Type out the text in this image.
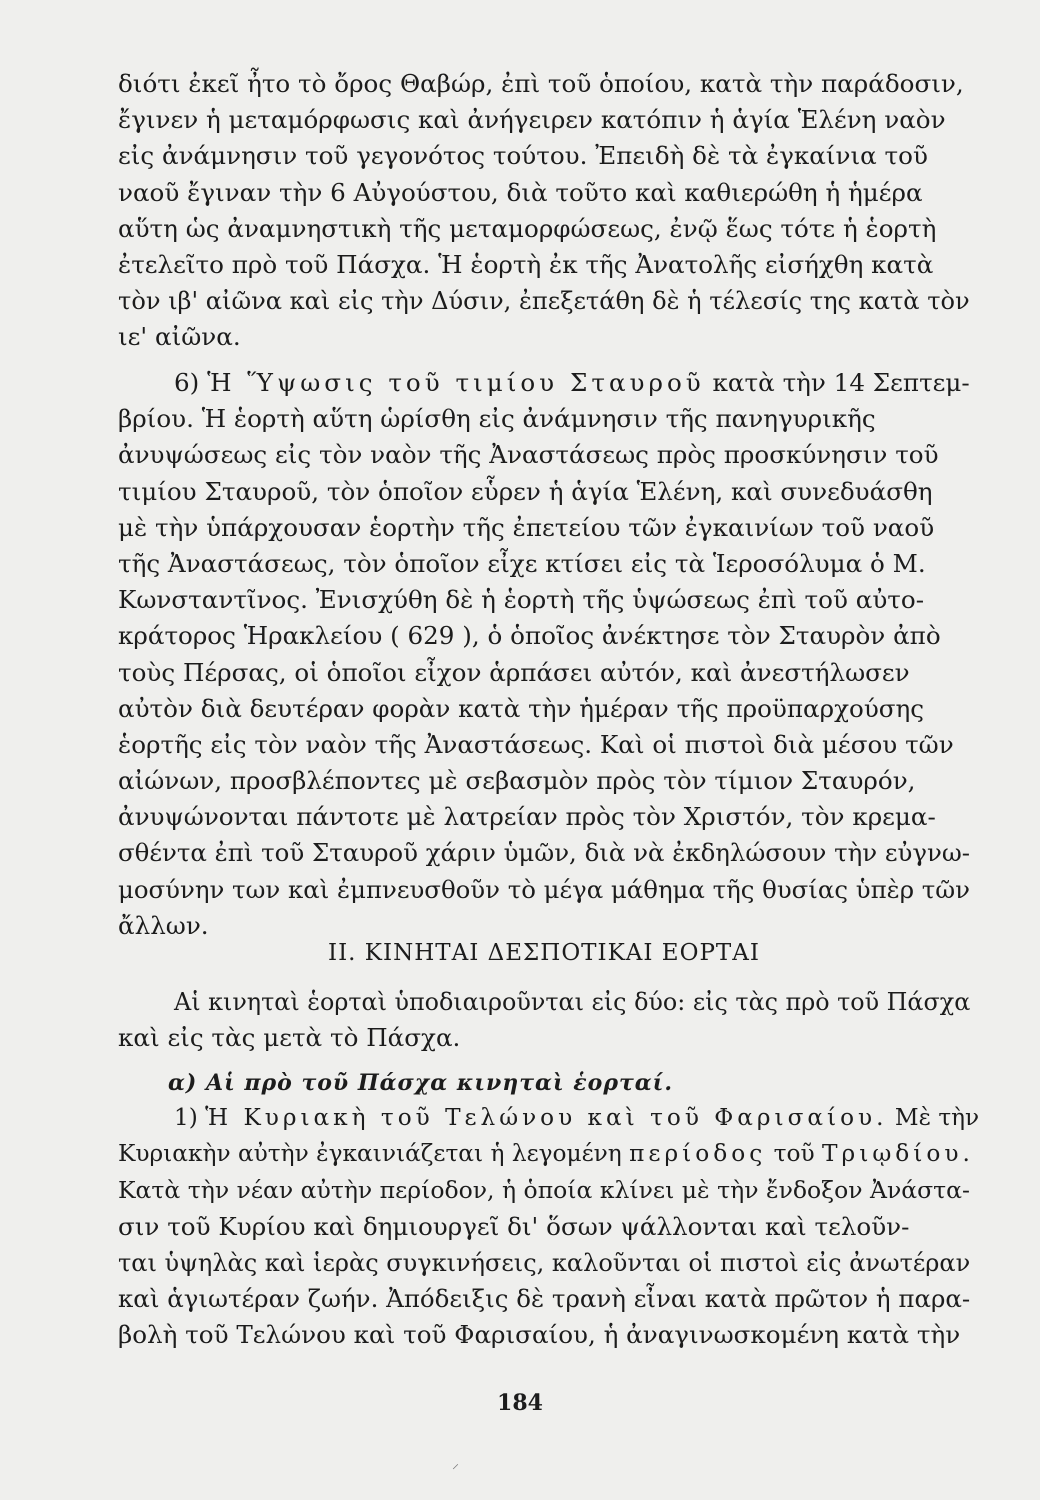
διότι ἐκεῖ ἦτο τὸ ὄρος Θαβώρ, ἐπὶ τοῦ ὁποίου, κατὰ τὴν παράδοσιν,
ἔγινεν ἡ μεταμόρφωσις καὶ ἀνήγειρεν κατόπιν ἡ ἁγία Ἑλένη ναὸν
εἰς ἀνάμνησιν τοῦ γεγονότος τούτου. Ἐπειδὴ δὲ τὰ ἐγκαίνια τοῦ
ναοῦ ἔγιναν τὴν 6 Αὐγούστου, διὰ τοῦτο καὶ καθιερώθη ἡ ἡμέρα
αὕτη ὡς ἀναμνηστικὴ τῆς μεταμορφώσεως, ἐνῷ ἕως τότε ἡ ἑορτὴ
ἐτελεῖτο πρὸ τοῦ Πάσχα. Ἡ ἑορτὴ ἐκ τῆς Ἀνατολῆς εἰσήχθη κατὰ
τὸν ιβ' αἰῶνα καὶ εἰς τὴν Δύσιν, ἐπεξετάθη δὲ ἡ τέλεσίς της κατὰ τὸν
ιε' αἰῶνα.
6) Ἡ Ὕψωσις τοῦ τιμίου Σταυροῦ κατὰ τὴν 14 Σεπτεμ-
βρίου. Ἡ ἑορτὴ αὕτη ὡρίσθη εἰς ἀνάμνησιν τῆς πανηγυρικῆς
ἀνυψώσεως εἰς τὸν ναὸν τῆς Ἀναστάσεως πρὸς προσκύνησιν τοῦ
τιμίου Σταυροῦ, τὸν ὁποῖον εὗρεν ἡ ἁγία Ἑλένη, καὶ συνεδυάσθη
μὲ τὴν ὑπάρχουσαν ἑορτὴν τῆς ἐπετείου τῶν ἐγκαινίων τοῦ ναοῦ
τῆς Ἀναστάσεως, τὸν ὁποῖον εἶχε κτίσει εἰς τὰ Ἱεροσόλυμα ὁ Μ.
Κωνσταντῖνος. Ἐνισχύθη δὲ ἡ ἑορτὴ τῆς ὑψώσεως ἐπὶ τοῦ αὐτο-
κράτορος Ἡρακλείου ( 629 ), ὁ ὁποῖος ἀνέκτησε τὸν Σταυρὸν ἀπὸ
τοὺς Πέρσας, οἱ ὁποῖοι εἶχον ἁρπάσει αὐτόν, καὶ ἀνεστήλωσεν
αὐτὸν διὰ δευτέραν φορὰν κατὰ τὴν ἡμέραν τῆς προϋπαρχούσης
ἑορτῆς εἰς τὸν ναὸν τῆς Ἀναστάσεως. Καὶ οἱ πιστοὶ διὰ μέσου τῶν
αἰώνων, προσβλέποντες μὲ σεβασμὸν πρὸς τὸν τίμιον Σταυρόν,
ἀνυψώνονται πάντοτε μὲ λατρείαν πρὸς τὸν Χριστόν, τὸν κρεμα-
σθέντα ἐπὶ τοῦ Σταυροῦ χάριν ὑμῶν, διὰ νὰ ἐκδηλώσουν τὴν εὐγνω-
μοσύνην των καὶ ἐμπνευσθοῦν τὸ μέγα μάθημα τῆς θυσίας ὑπὲρ τῶν
ἄλλων.
II. ΚΙΝΗΤΑΙ ΔΕΣΠΟΤΙΚΑΙ ΕΟΡΤΑΙ
Αἱ κινηταὶ ἑορταὶ ὑποδιαιροῦνται εἰς δύο: εἰς τὰς πρὸ τοῦ Πάσχα
καὶ εἰς τὰς μετὰ τὸ Πάσχα.
α) Αἱ πρὸ τοῦ Πάσχα κινηταὶ ἑορταί.
1) Ἡ Κυριακὴ τοῦ Τελώνου καὶ τοῦ Φαρισαίου. Μὲ τὴν
Κυριακὴν αὐτὴν ἐγκαινιάζεται ἡ λεγομένη περίοδος τοῦ Τριῳδίου.
Κατὰ τὴν νέαν αὐτὴν περίοδον, ἡ ὁποία κλίνει μὲ τὴν ἔνδοξον Ἀνάστα-
σιν τοῦ Κυρίου καὶ δημιουργεῖ δι' ὅσων ψάλλονται καὶ τελοῦν-
ται ὑψηλὰς καὶ ἱερὰς συγκινήσεις, καλοῦνται οἱ πιστοὶ εἰς ἀνωτέραν
καὶ ἁγιωτέραν ζωήν. Ἀπόδειξις δὲ τρανὴ εἶναι κατὰ πρῶτον ἡ παρα-
βολὴ τοῦ Τελώνου καὶ τοῦ Φαρισαίου, ἡ ἀναγινωσκομένη κατὰ τὴν
184
⸍
